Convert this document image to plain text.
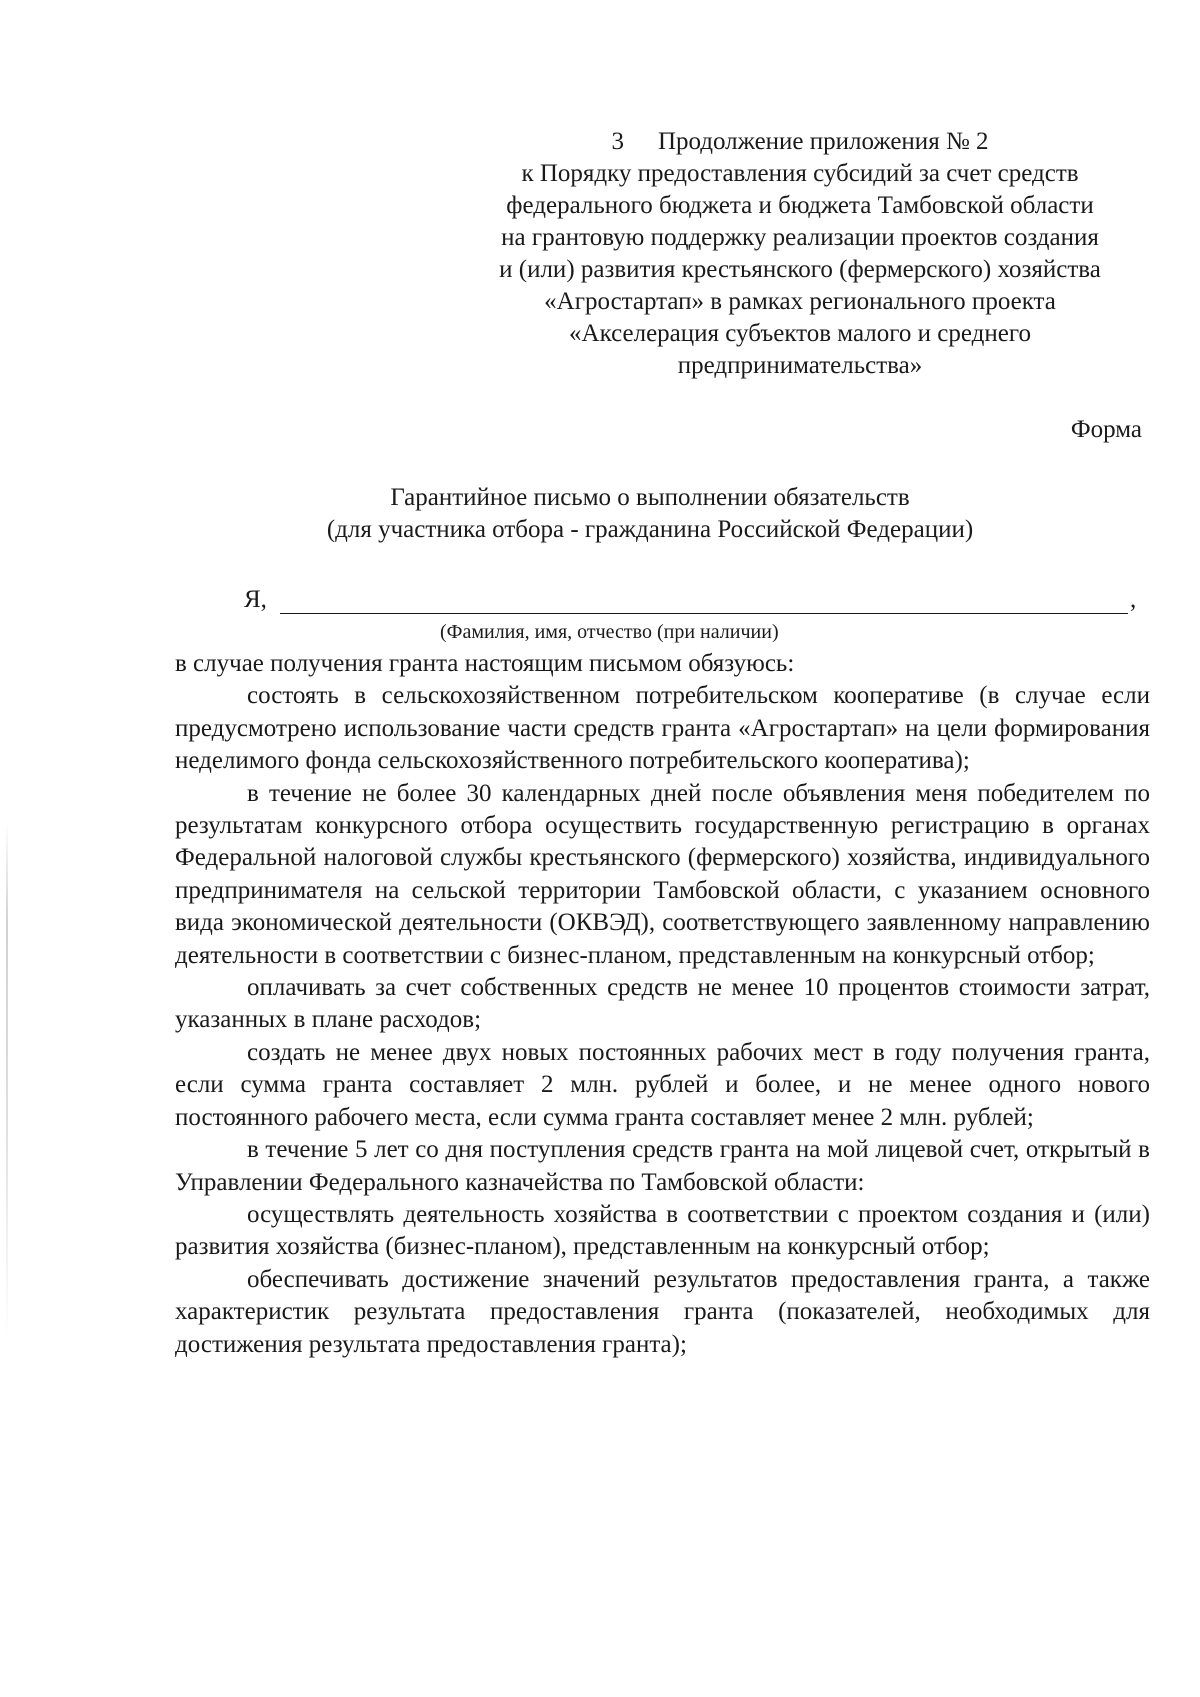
3 Продолжение приложения № 2
к Порядку предоставления субсидий за счет средств
федерального бюджета и бюджета Тамбовской области
на грантовую поддержку реализации проектов создания
и (или) развития крестьянского (фермерского) хозяйства
«Агростартап» в рамках регионального проекта
«Акселерация субъектов малого и среднего
предпринимательства»
Форма
Гарантийное письмо о выполнении обязательств
(для участника отбора - гражданина Российской Федерации)
Я,	,
(Фамилия, имя, отчество (при наличии)

в случае получения гранта настоящим письмом обязуюсь:

состоять в сельскохозяйственном потребительском кооперативе (в случае если предусмотрено использование части средств гранта «Агростартап» на цели формирования неделимого фонда сельскохозяйственного потребительского кооператива);

в течение не более 30 календарных дней после объявления меня победителем по результатам конкурсного отбора осуществить государственную регистрацию в органах Федеральной налоговой службы крестьянского (фермерского) хозяйства, индивидуального предпринимателя на сельской территории Тамбовской области, с указанием основного вида экономической деятельности (ОКВЭД), соответствующего заявленному направлению деятельности в соответствии с бизнес-планом, представленным на конкурсный отбор;

оплачивать за счет собственных средств не менее 10 процентов стоимости затрат, указанных в плане расходов;

создать не менее двух новых постоянных рабочих мест в году получения гранта, если сумма гранта составляет 2 млн. рублей и более, и не менее одного нового постоянного рабочего места, если сумма гранта составляет менее 2 млн. рублей;

в течение 5 лет со дня поступления средств гранта на мой лицевой счет, открытый в Управлении Федерального казначейства по Тамбовской области:

осуществлять деятельность хозяйства в соответствии с проектом создания и (или) развития хозяйства (бизнес-планом), представленным на конкурсный отбор;

обеспечивать достижение значений результатов предоставления гранта, а также характеристик результата предоставления гранта (показателей, необходимых для достижения результата предоставления гранта);
